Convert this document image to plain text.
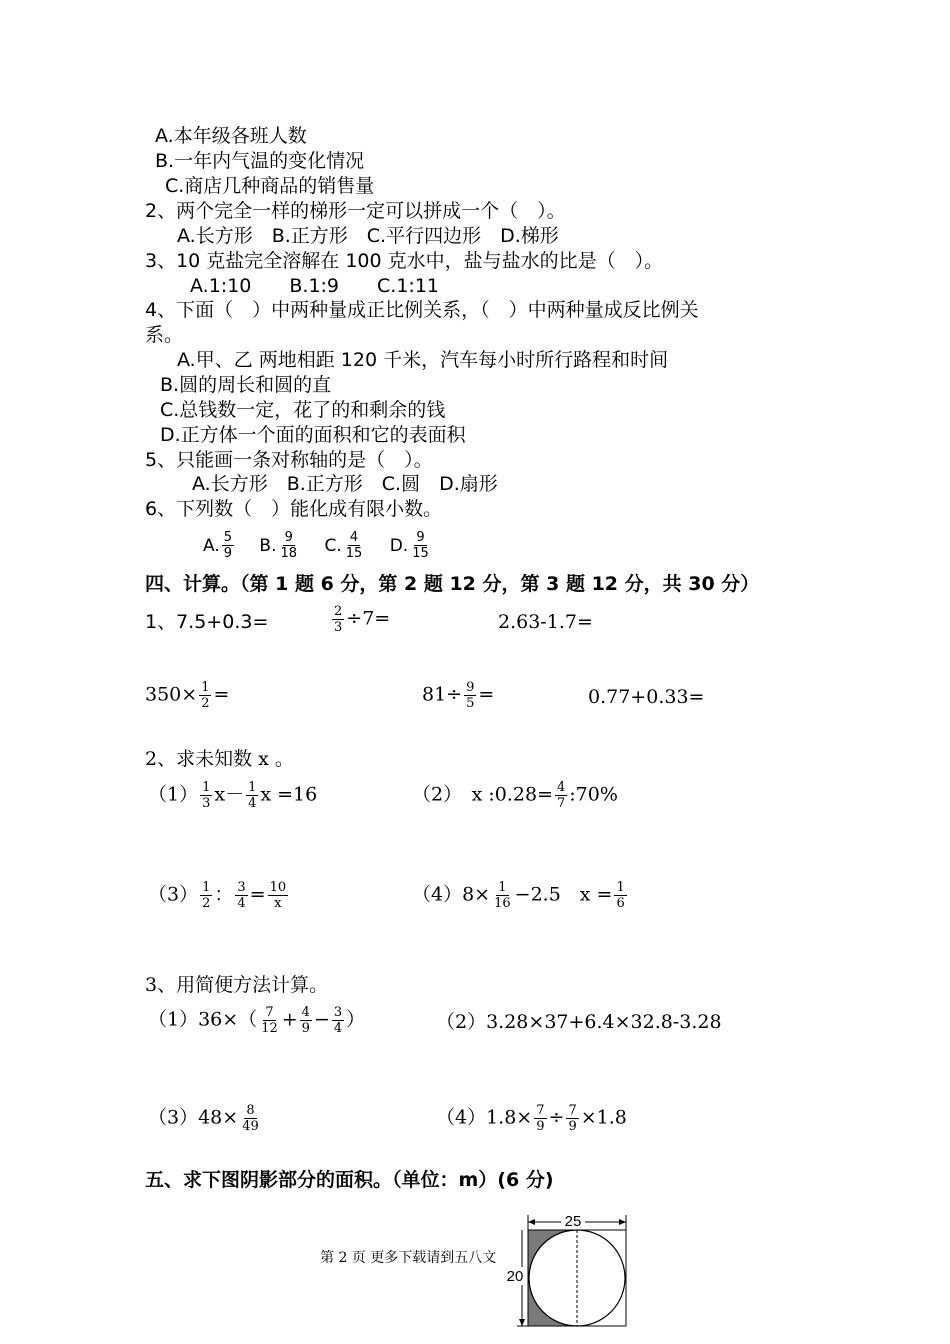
A.本年级各班人数
B.一年内气温的变化情况
C.商店几种商品的销售量
2、两个完全一样的梯形一定可以拼成一个（　）。
A.长方形　B.正方形　C.平行四边形　D.梯形
3、10 克盐完全溶解在 100 克水中，盐与盐水的比是（　）。
A.1:10　　B.1:9　　C.1:11
4、下面（　）中两种量成正比例关系，（　）中两种量成反比例关
系。
A.甲、乙 两地相距 120 千米，汽车每小时所行路程和时间
B.圆的周长和圆的直
C.总钱数一定，花了的和剩余的钱
D.正方体一个面的面积和它的表面积
5、只能画一条对称轴的是（　）。
A.长方形　B.正方形　C.圆　D.扇形
6、下列数（　）能化成有限小数。
A. $\frac{5}{9} B$. $\frac{9}{18} C$. $\frac{4}{15} D$. $\frac{9}{15}$
四、计算。（第 1 题 6 分，第 2 题 12 分，第 3 题 12 分，共 30 分）
1、7.5+0.3=	$\frac{2}{3} \div 7=$	2.63-1.7=
$350\times \frac{1}{2}$ =	$81\div \frac{9}{5}$ =	0.77+0.33=
2、求未知数 x 。
$(1) \frac{1}{3} x- \frac{1}{4}$ x =16	（2）　x :0.28= $\frac{4}{7}$ :70%
$(3) \frac{1}{2}$ ： $\frac{3}{4} = \frac{10}{x}$	$(4)8\times \frac{1}{16} -2.5$　$x = \frac{1}{6}$
3、用简便方法计算。
$(1)36\times( \frac{7}{12} + \frac{4}{9} - \frac{3}{4}$ ）	（2）3.28×37+6.4×32.8-3.28
$(3)48\times \frac{8}{49}$	$(4)1.8\times \frac{7}{9} \div \frac{7}{9} \times 1.8$
五、求下图阴影部分的面积。（单位：m）(6 分)
25
20
第 2 页 更多下载请到五八文
